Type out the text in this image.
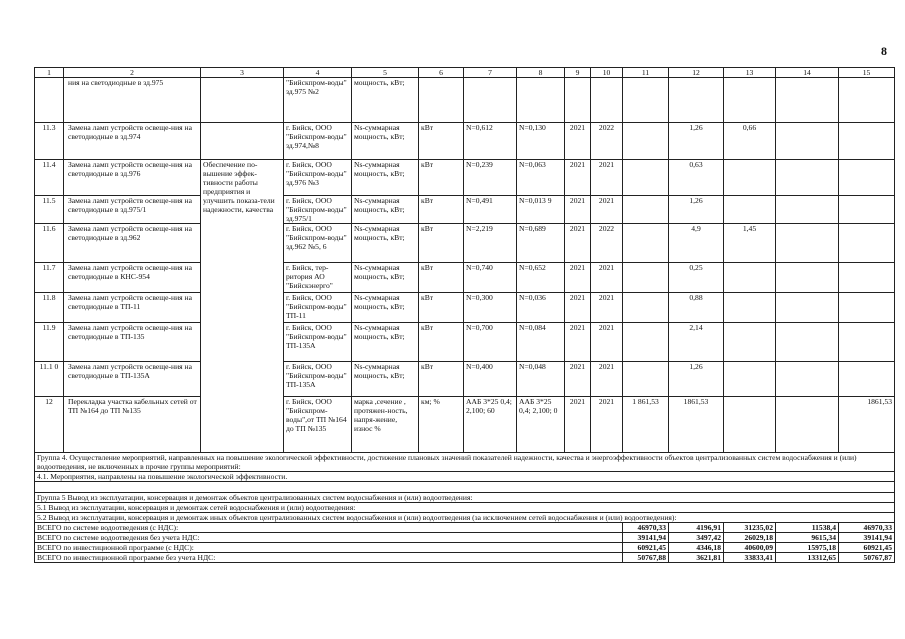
8
1	2	3	4	5	6	7	8	9	10	11	12	13	14	15
	ния на светодиодные в зд.975		"Бийскпром-воды" зд.975 №2	мощность, кВт;										
11.3	Замена ламп устройств освеще-ния на светодиодные в зд.974		г. Бийск, ООО "Бийскпром-воды" зд.974,№8	Ns-суммарная мощность, кВт;	кВт	N=0,612	N=0,130	2021	2022		1,26	0,66		
11.4	Замена ламп устройств освеще-ния на светодиодные в зд.976	Обеспечение по-вышение эффек-тивности работы предприятия и улучшить показа-тели надежности, качества	г. Бийск, ООО "Бийскпром-воды" зд.976 №3	Ns-суммарная мощность, кВт;	кВт	N=0,239	N=0,063	2021	2021		0,63			
11.5	Замена ламп устройств освеще-ния на светодиодные в зд.975/1		г. Бийск, ООО "Бийскпром-воды" зд.975/1	Ns-суммарная мощность, кВт;	кВт	N=0,491	N=0,013 9	2021	2021		1,26			
11.6	Замена ламп устройств освеще-ния на светодиодные в зд.962		г. Бийск, ООО "Бийскпром-воды" зд.962 №5, 6	Ns-суммарная мощность, кВт;	кВт	N=2,219	N=0,689	2021	2022		4,9	1,45		
11.7	Замена ламп устройств освеще-ния на светодиодные в КНС-954		г. Бийск, тер-ритория АО "Бийскэнерго"	Ns-суммарная мощность, кВт;	кВт	N=0,740	N=0,652	2021	2021		0,25			
11.8	Замена ламп устройств освеще-ния на светодиодные в ТП-11		г. Бийск, ООО "Бийскпром-воды" ТП-11	Ns-суммарная мощность, кВт;	кВт	N=0,300	N=0,036	2021	2021		0,88			
11.9	Замена ламп устройств освеще-ния на светодиодные в ТП-135		г. Бийск, ООО "Бийскпром-воды" ТП-135А	Ns-суммарная мощность, кВт;	кВт	N=0,700	N=0,084	2021	2021		2,14			
11.1 0	Замена ламп устройств освеще-ния на светодиодные в ТП-135А		г. Бийск, ООО "Бийскпром-воды" ТП-135А	Ns-суммарная мощность, кВт;	кВт	N=0,400	N=0,048	2021	2021		1,26			
12	Перекладка участка кабельных сетей от ТП №164 до ТП №135		г. Бийск, ООО "Бийскпром-воды",от ТП №164 до ТП №135	марка ,сечение , протяжен-ность, напря-жение, износ %	км; %	ААБ 3*25 0,4; 2,100; 60	ААБ 3*25 0,4; 2,100; 0	2021	2021	1 861,53	1861,53			1861,53
Группа 4. Осуществление мероприятий, направленных на повышение экологической эффективности, достижение плановых значений показателей надежности, качества и энергоэффективности объектов централизованных систем водоснабжения и (или) водоотведения, не включенных в прочие группы мероприятий:														
4.1. Мероприятия, направлены на повышение экологической эффективности.														

Группа 5 Вывод из эксплуатации, консервация и демонтаж объектов централизованных систем водоснабжения и (или) водоотведения:														
5.1 Вывод из эксплуатации, консервация и демонтаж сетей водоснабжения и (или) водоотведения:														
5.2 Вывод из эксплуатации, консервация и демонтаж иных объектов централизованных систем водоснабжения и (или) водоотведения (за исключением сетей водоснабжения и (или) водоотведения):														
ВСЕГО по системе водоотведения (с НДС):										46970,33	4196,91	31235,02	11538,4	46970,33
ВСЕГО по системе водоотведения без учета НДС:										39141,94	3497,42	26029,18	9615,34	39141,94
ВСЕГО по инвестиционной программе (с НДС):										60921,45	4346,18	40600,09	15975,18	60921,45
ВСЕГО по инвестиционной программе без учета НДС:										50767,88	3621,81	33833,41	13312,65	50767,87
